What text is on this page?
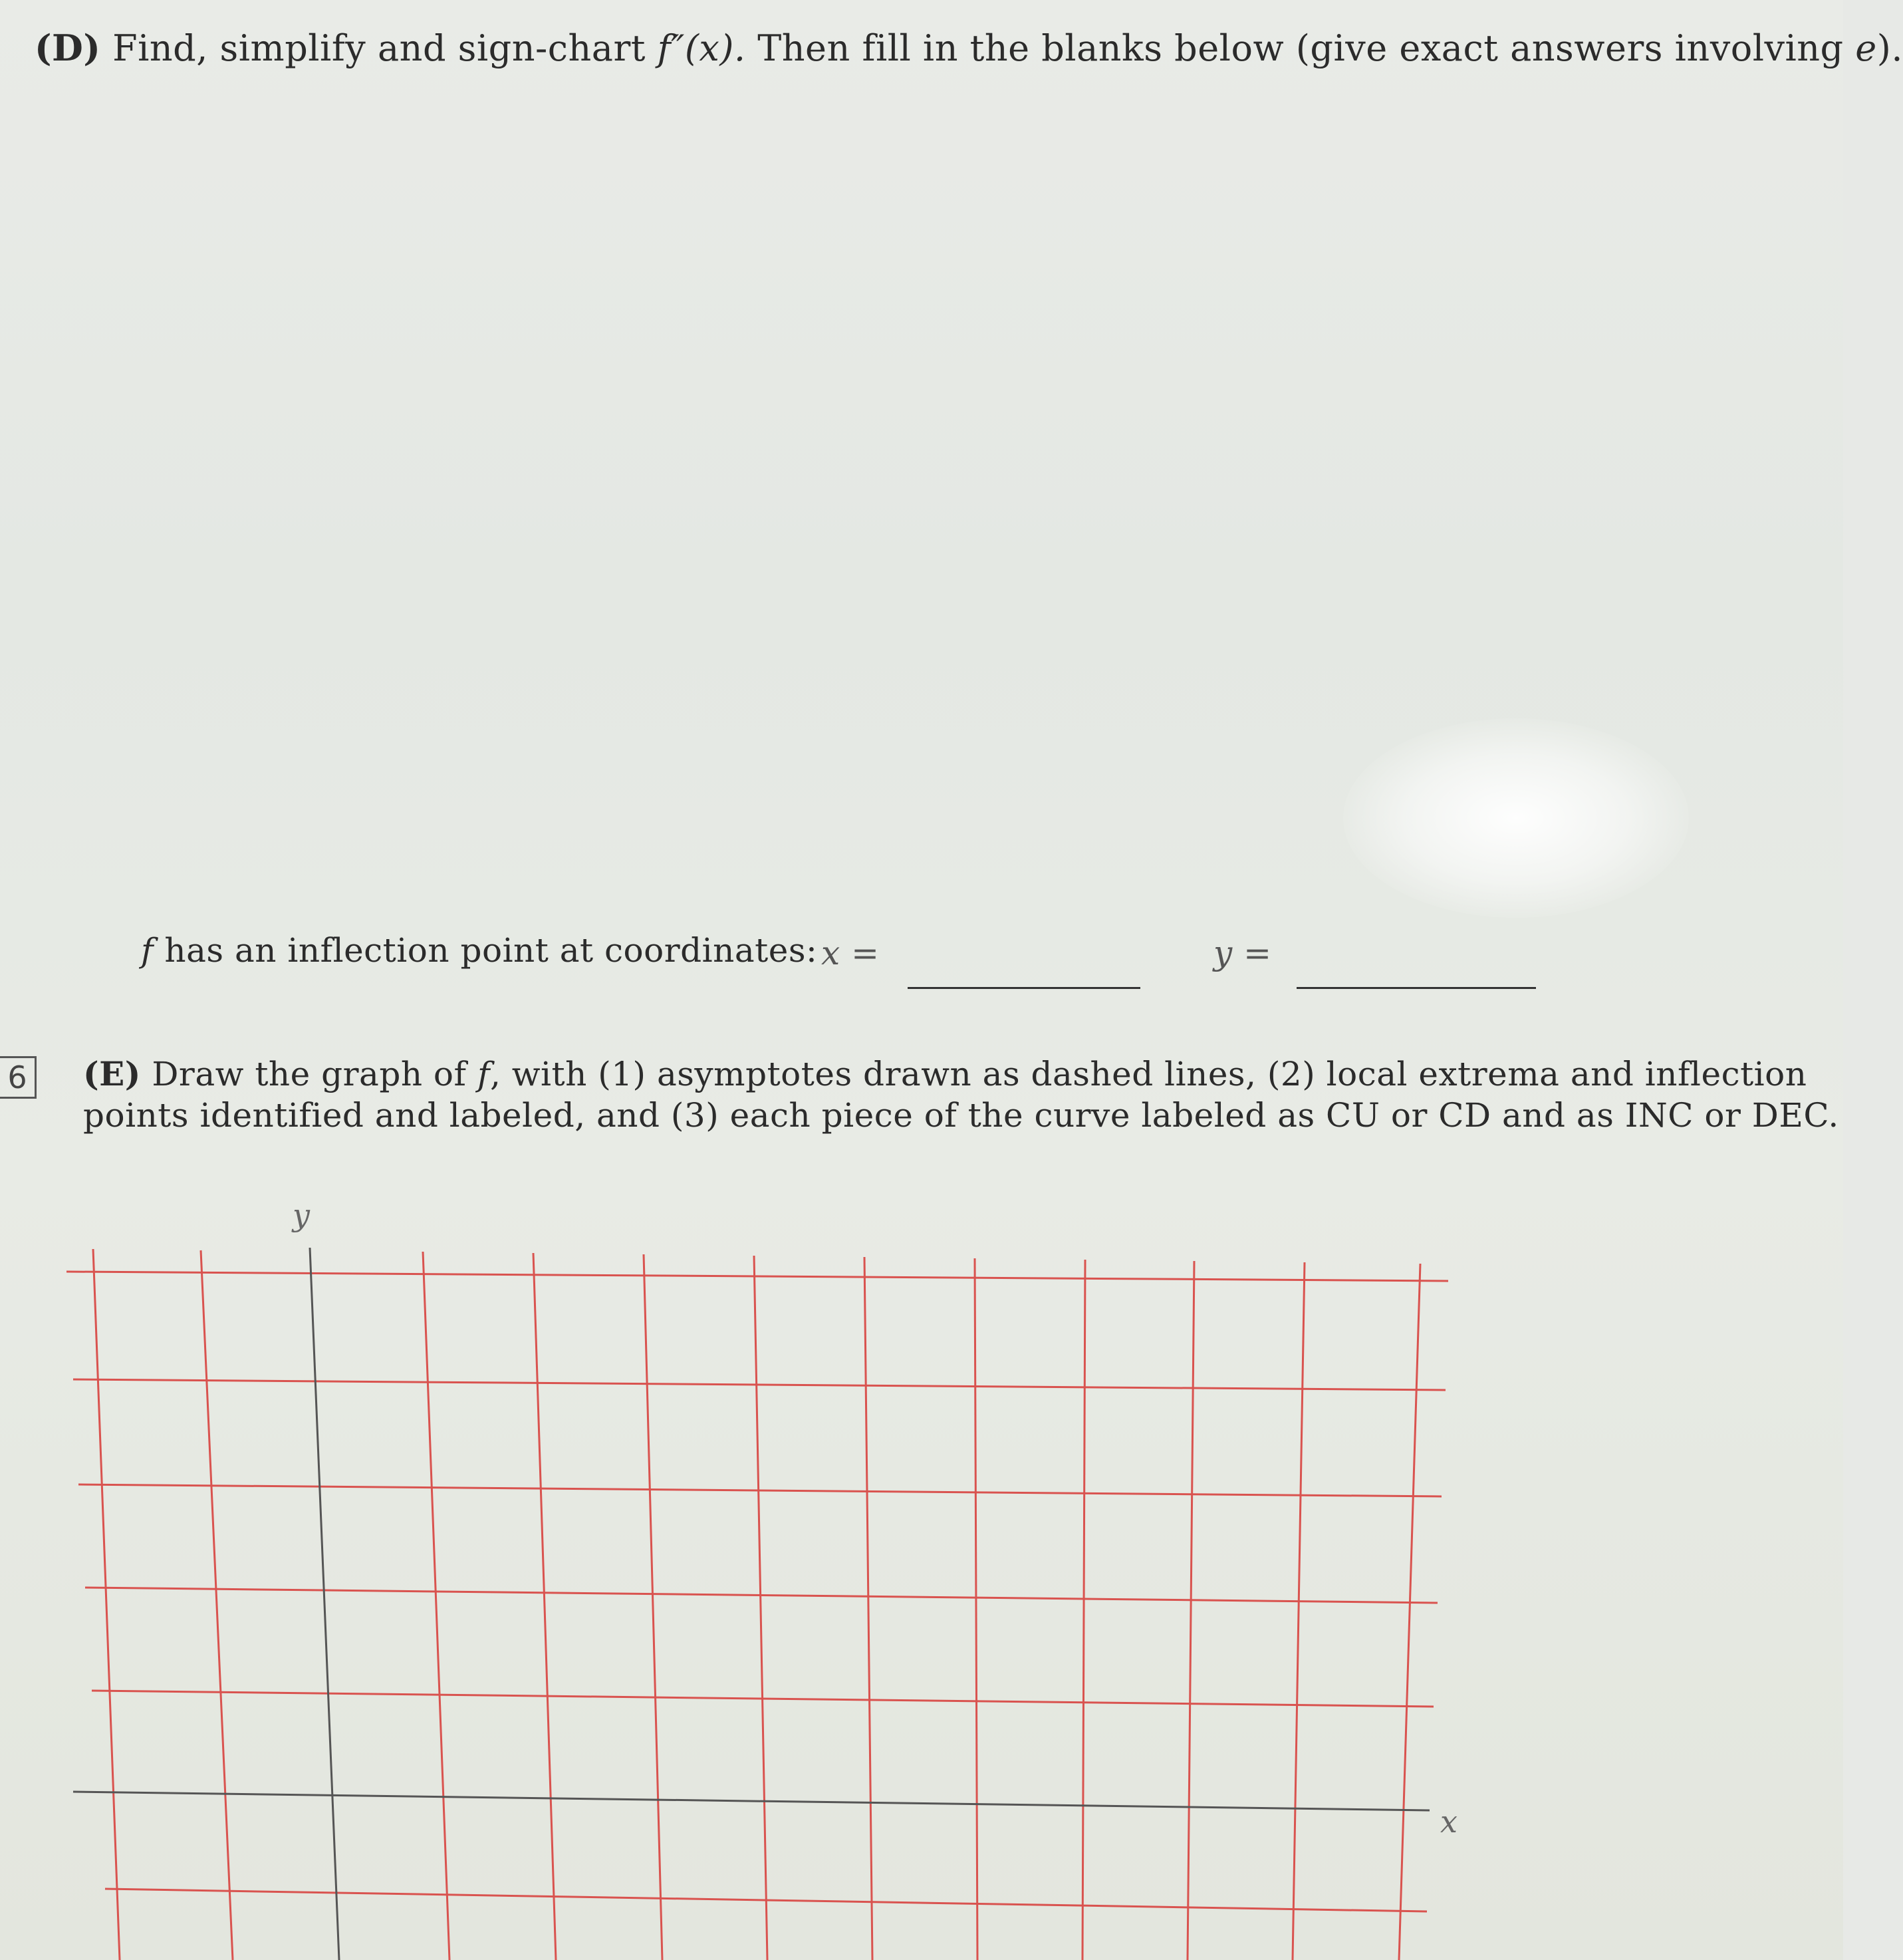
(D) Find, simplify and sign-chart f″(x). Then fill in the blanks below (give exact answers involving e).
f has an inflection point at coordinates: x =	y =
6 (E) Draw the graph of f, with (1) asymptotes drawn as dashed lines, (2) local extrema and inflection
points identified and labeled, and (3) each piece of the curve labeled as CU or CD and as INC or DEC.
y
x
